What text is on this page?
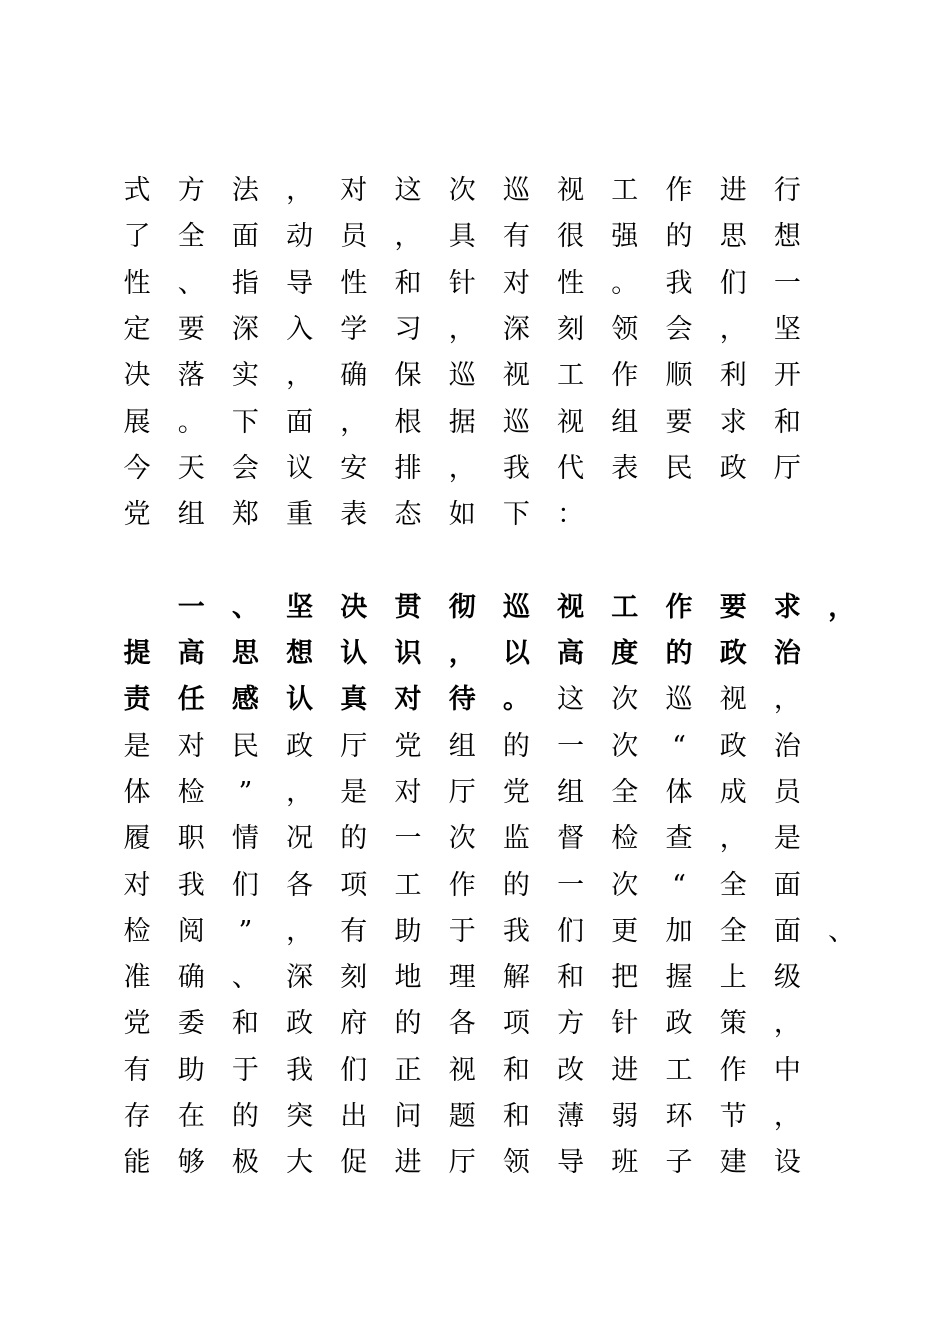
式	方	法	，	对	这	次	巡	视	工	作	进	行
了	全	面	动	员	，	具	有	很	强	的	思	想
性	、	指	导	性	和	针	对	性	。	我	们	一
定	要	深	入	学	习	，	深	刻	领	会	，	坚
决	落	实	，	确	保	巡	视	工	作	顺	利	开
展	。	下	面	，	根	据	巡	视	组	要	求	和
今	天	会	议	安	排	，	我	代	表	民	政	厅
党	组	郑	重	表	态	如	下	：
一	、	坚	决	贯	彻	巡	视	工	作	要	求	，
提	高	思	想	认	识	，	以	高	度	的	政	治
责	任	感	认	真	对	待	。	这	次	巡	视	，
是	对	民	政	厅	党	组	的	一	次	“	政	治
体	检	”	，	是	对	厅	党	组	全	体	成	员
履	职	情	况	的	一	次	监	督	检	查	，	是
对	我	们	各	项	工	作	的	一	次	“	全	面
检	阅	”	，	有	助	于	我	们	更	加	全	面	、
准	确	、	深	刻	地	理	解	和	把	握	上	级
党	委	和	政	府	的	各	项	方	针	政	策	，
有	助	于	我	们	正	视	和	改	进	工	作	中
存	在	的	突	出	问	题	和	薄	弱	环	节	，
能	够	极	大	促	进	厅	领	导	班	子	建	设
